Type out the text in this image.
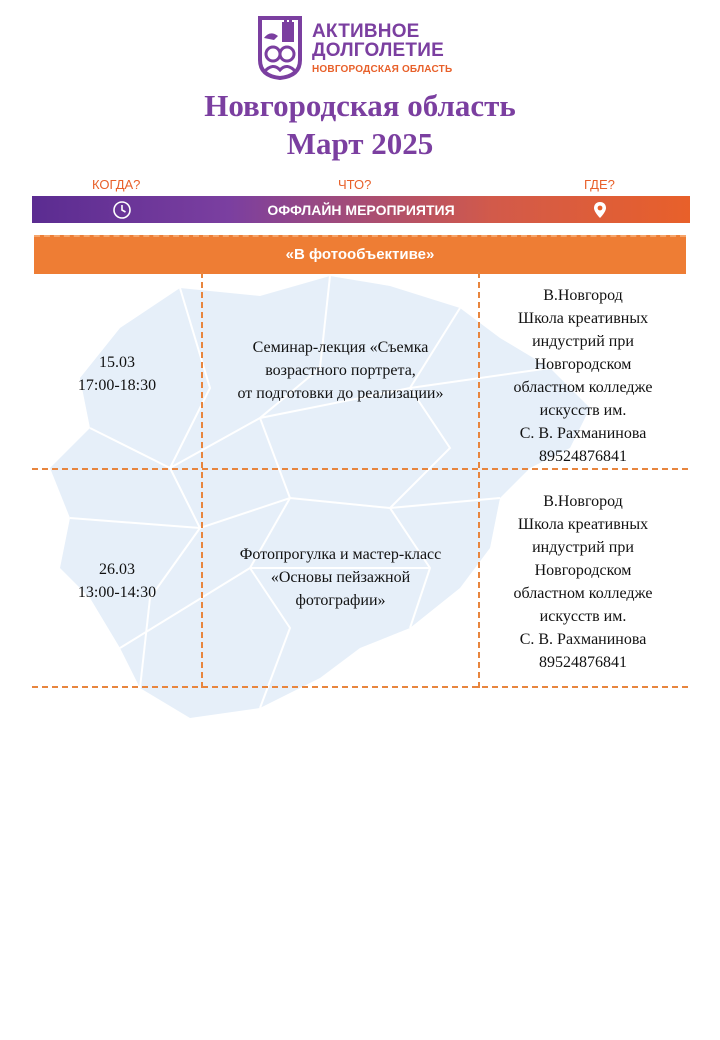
АКТИВНОЕ
ДОЛГОЛЕТИЕ
НОВГОРОДСКАЯ ОБЛАСТЬ
Новгородская область
Март 2025
КОГДА?	ЧТО?	ГДЕ?
ОФФЛАЙН МЕРОПРИЯТИЯ
«В фотообъективе»
15.03
17:00-18:30
Семинар-лекция «Съемка
возрастного портрета,
от подготовки до реализации»
В.Новгород
Школа креативных
индустрий при
Новгородском
областном колледже
искусств им.
С. В. Рахманинова
89524876841
26.03
13:00-14:30
Фотопрогулка и мастер-класс
«Основы пейзажной
фотографии»
В.Новгород
Школа креативных
индустрий при
Новгородском
областном колледже
искусств им.
С. В. Рахманинова
89524876841
